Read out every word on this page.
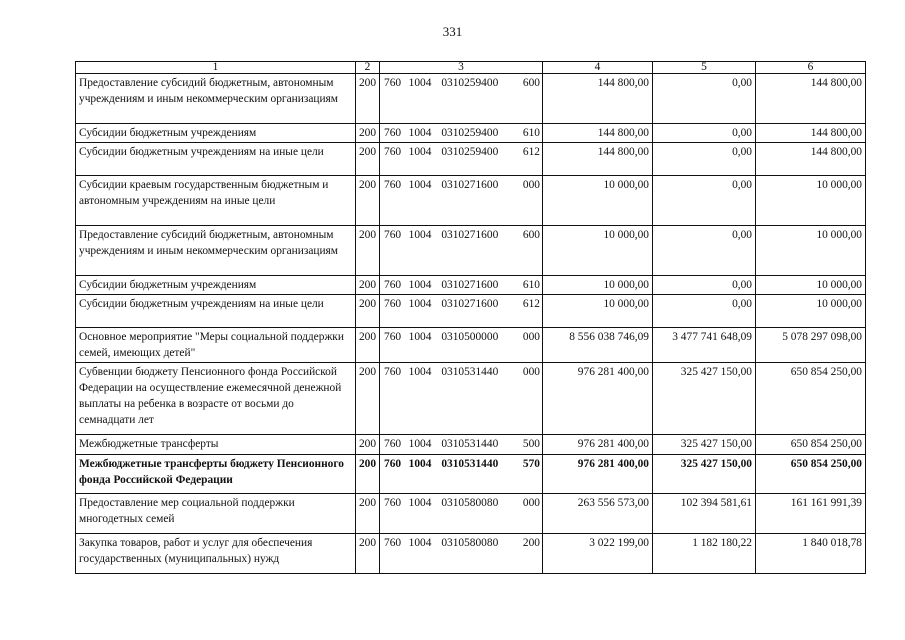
331
1	2	3	4	5	6
Предоставление субсидий бюджетным, автономным учреждениям и иным некоммерческим организациям	200	760 1004 0310259400 600	144 800,00	0,00	144 800,00
Субсидии бюджетным учреждениям	200	760 1004 0310259400 610	144 800,00	0,00	144 800,00
Субсидии бюджетным учреждениям на иные цели	200	760 1004 0310259400 612	144 800,00	0,00	144 800,00
Субсидии краевым государственным бюджетным и автономным учреждениям на иные цели	200	760 1004 0310271600 000	10 000,00	0,00	10 000,00
Предоставление субсидий бюджетным, автономным учреждениям и иным некоммерческим организациям	200	760 1004 0310271600 600	10 000,00	0,00	10 000,00
Субсидии бюджетным учреждениям	200	760 1004 0310271600 610	10 000,00	0,00	10 000,00
Субсидии бюджетным учреждениям на иные цели	200	760 1004 0310271600 612	10 000,00	0,00	10 000,00
Основное мероприятие "Меры социальной поддержки семей, имеющих детей"	200	760 1004 0310500000 000	8 556 038 746,09	3 477 741 648,09	5 078 297 098,00
Субвенции бюджету Пенсионного фонда Российской Федерации на осуществление ежемесячной денежной выплаты на ребенка в возрасте от восьми до семнадцати лет	200	760 1004 0310531440 000	976 281 400,00	325 427 150,00	650 854 250,00
Межбюджетные трансферты	200	760 1004 0310531440 500	976 281 400,00	325 427 150,00	650 854 250,00
Межбюджетные трансферты бюджету Пенсионного фонда Российской Федерации	200	760 1004 0310531440 570	976 281 400,00	325 427 150,00	650 854 250,00
Предоставление мер социальной поддержки многодетных семей	200	760 1004 0310580080 000	263 556 573,00	102 394 581,61	161 161 991,39
Закупка товаров, работ и услуг для обеспечения государственных (муниципальных) нужд	200	760 1004 0310580080 200	3 022 199,00	1 182 180,22	1 840 018,78
